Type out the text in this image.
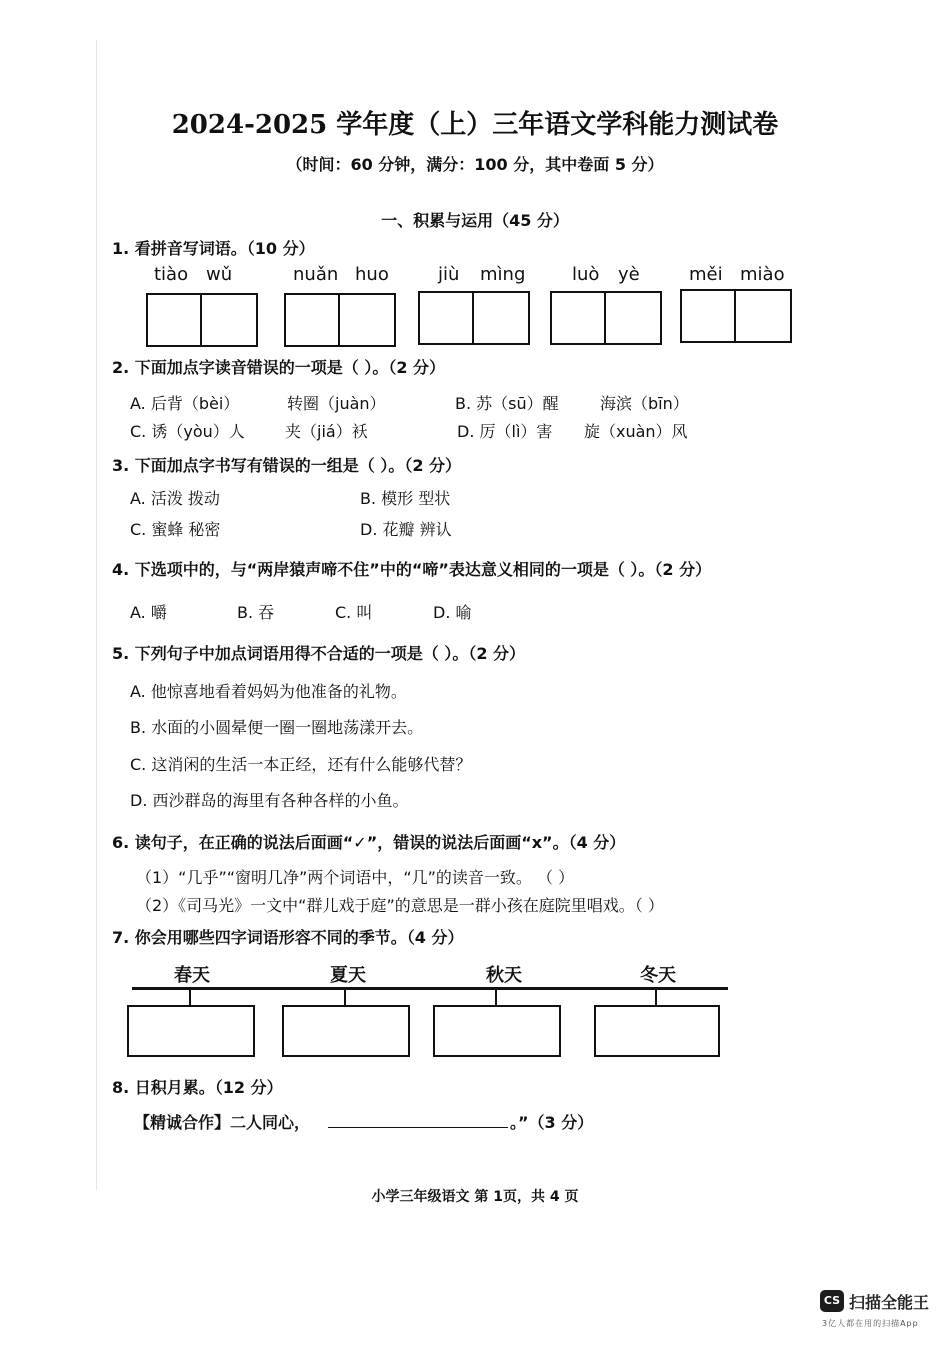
2024-2025 学年度（上）三年语文学科能力测试卷
（时间：60 分钟，满分：100 分，其中卷面 5 分）
一、积累与运用（45 分）
1. 看拼音写词语。（10 分）
tiào wǔ	nuǎn huo	jiù mìng	luò yè	měi miào
2. 下面加点字读音错误的一项是（ ）。（2 分）
A. 后背（bèi）	转圈（juàn）	B. 苏（sū）醒	海滨（bīn）
C. 诱（yòu）人	夹（jiá）袄	D. 厉（lì）害 旋（xuàn）风
3. 下面加点字书写有错误的一组是（ ）。（2 分）
A. 活泼 拨动	B. 模形 型状
C. 蜜蜂 秘密	D. 花瓣 辨认
4. 下选项中的，与“两岸猿声啼不住”中的“啼”表达意义相同的一项是（ ）。（2 分）
A. 嚼	B. 吞	C. 叫	D. 喻
5. 下列句子中加点词语用得不合适的一项是（ ）。（2 分）
A. 他惊喜地看着妈妈为他准备的礼物。
B. 水面的小圆晕便一圈一圈地荡漾开去。
C. 这消闲的生活一本正经，还有什么能够代替？
D. 西沙群岛的海里有各种各样的小鱼。
6. 读句子，在正确的说法后面画“✓”，错误的说法后面画“x”。（4 分）
（1）“几乎”“窗明几净”两个词语中，“几”的读音一致。 （ ）
（2）《司马光》一文中“群儿戏于庭”的意思是一群小孩在庭院里唱戏。（ ）
7. 你会用哪些四字词语形容不同的季节。（4 分）
春天	夏天	秋天	冬天
8. 日积月累。（12 分）
【精诚合作】二人同心，	。”（3 分）
小学三年级语文 第 1页，共 4 页
CS 扫描全能王
3亿人都在用的扫描App
